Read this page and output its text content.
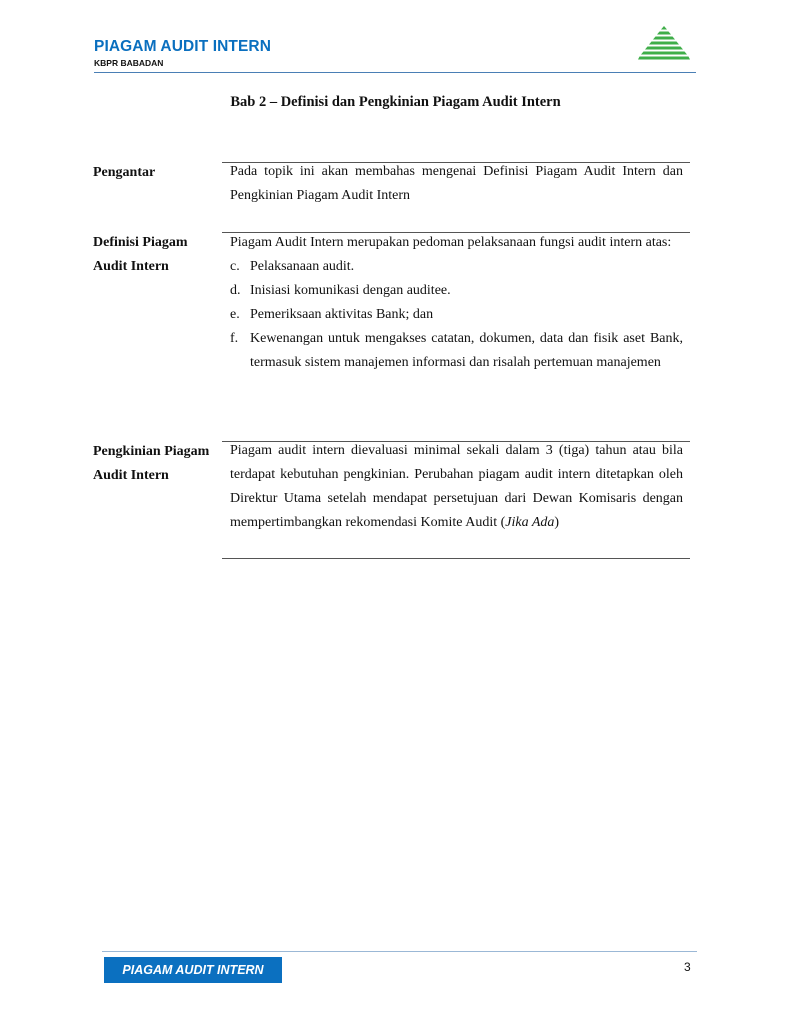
PIAGAM AUDIT INTERN
KBPR BABADAN
Bab 2 – Definisi dan Pengkinian Piagam Audit Intern
Pengantar	Pada topik ini akan membahas mengenai Definisi Piagam Audit Intern dan Pengkinian Piagam Audit Intern

Definisi Piagam Audit Intern

Piagam Audit Intern merupakan pedoman pelaksanaan fungsi audit intern atas:

c. Pelaksanaan audit.
d. Inisiasi komunikasi dengan auditee.
e. Pemeriksaan aktivitas Bank; dan
f. Kewenangan untuk mengakses catatan, dokumen, data dan fisik aset Bank, termasuk sistem manajemen informasi dan risalah pertemuan manajemen
Pengkinian Piagam Audit Intern

Piagam audit intern dievaluasi minimal sekali dalam 3 (tiga) tahun atau bila terdapat kebutuhan pengkinian. Perubahan piagam audit intern ditetapkan oleh Direktur Utama setelah mendapat persetujuan dari Dewan Komisaris dengan mempertimbangkan rekomendasi Komite Audit (Jika Ada)

PIAGAM AUDIT INTERN	3
